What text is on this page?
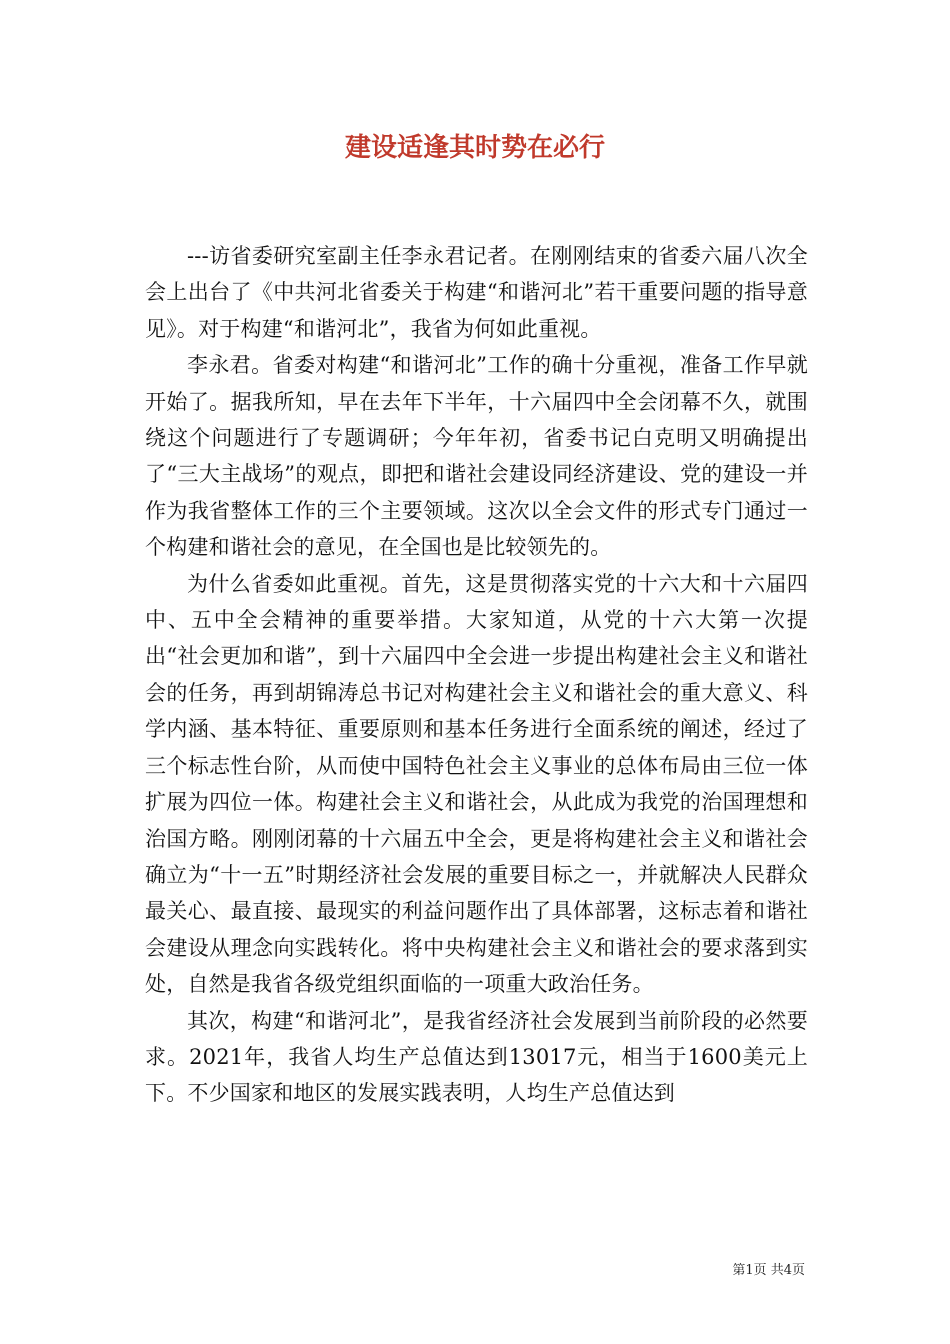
建设适逢其时势在必行

---访省委研究室副主任李永君记者。在刚刚结束的省委六届八次全会上出台了《中共河北省委关于构建“和谐河北”若干重要问题的指导意见》。对于构建“和谐河北”，我省为何如此重视。

李永君。省委对构建“和谐河北”工作的确十分重视，准备工作早就开始了。据我所知，早在去年下半年，十六届四中全会闭幕不久，就围绕这个问题进行了专题调研；今年年初，省委书记白克明又明确提出了“三大主战场”的观点，即把和谐社会建设同经济建设、党的建设一并作为我省整体工作的三个主要领域。这次以全会文件的形式专门通过一个构建和谐社会的意见，在全国也是比较领先的。

为什么省委如此重视。首先，这是贯彻落实党的十六大和十六届四中、五中全会精神的重要举措。大家知道，从党的十六大第一次提出“社会更加和谐”，到十六届四中全会进一步提出构建社会主义和谐社会的任务，再到胡锦涛总书记对构建社会主义和谐社会的重大意义、科学内涵、基本特征、重要原则和基本任务进行全面系统的阐述，经过了三个标志性台阶，从而使中国特色社会主义事业的总体布局由三位一体扩展为四位一体。构建社会主义和谐社会，从此成为我党的治国理想和治国方略。刚刚闭幕的十六届五中全会，更是将构建社会主义和谐社会确立为“十一五”时期经济社会发展的重要目标之一，并就解决人民群众最关心、最直接、最现实的利益问题作出了具体部署，这标志着和谐社会建设从理念向实践转化。将中央构建社会主义和谐社会的要求落到实处，自然是我省各级党组织面临的一项重大政治任务。

其次，构建“和谐河北”，是我省经济社会发展到当前阶段的必然要求。2021年，我省人均生产总值达到13017元，相当于1600美元上下。不少国家和地区的发展实践表明，人均生产总值达到

第1页 共4页
